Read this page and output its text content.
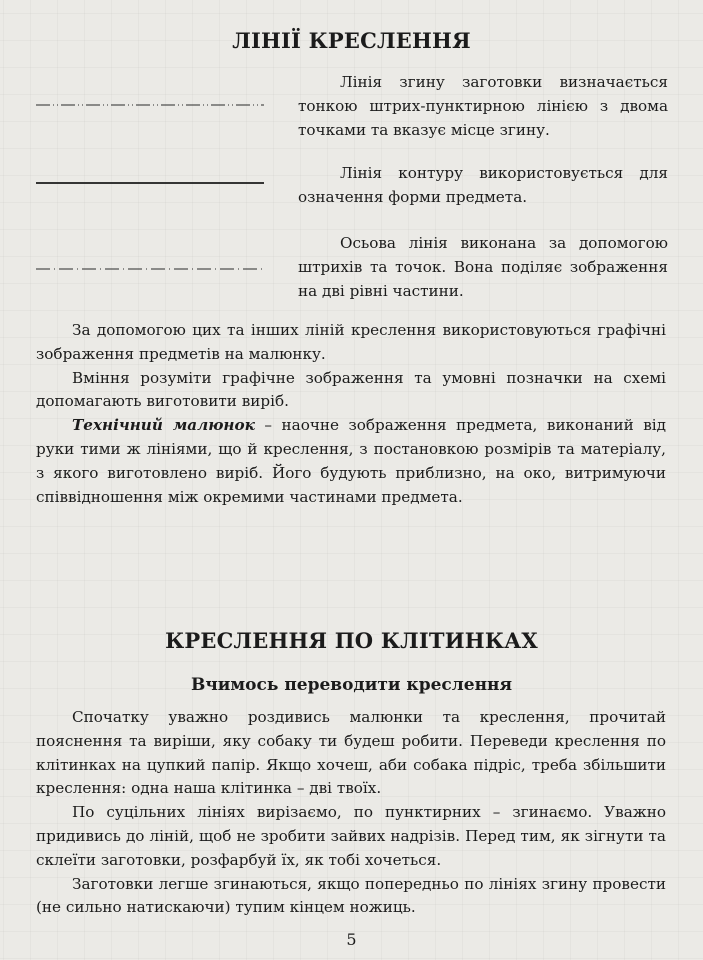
ЛІНІЇ КРЕСЛЕННЯ

Лінія згину заготовки визначається тонкою штрих-пунктирною лінією з двома точками та вказує місце згину.

Лінія контуру використовується для означення форми предмета.

Осьова лінія виконана за допомогою штрихів та точок. Вона поділяє зображення на дві рівні частини.

За допомогою цих та інших ліній креслення використовуються графічні зображення предметів на малюнку.

Вміння розуміти графічне зображення та умовні позначки на схемі допомагають виготовити виріб.

Технічний малюнок – наочне зображення предмета, виконаний від руки тими ж лініями, що й креслення, з постановкою розмірів та матеріалу, з якого виготовлено виріб. Його будують приблизно, на око, витримуючи співвідношення між окремими частинами предмета.

КРЕСЛЕННЯ ПО КЛІТИНКАХ
Вчимось переводити креслення

Спочатку уважно роздивись малюнки та креслення, прочитай пояснення та виріши, яку собаку ти будеш робити. Переведи креслення по клітинках на цупкий папір. Якщо хочеш, аби собака підріс, треба збільшити креслення: одна наша клітинка – дві твоїх.

По суцільних лініях вирізаємо, по пунктирних – згинаємо. Уважно придивись до ліній, щоб не зробити зайвих надрізів. Перед тим, як зігнути та склеїти заготовки, розфарбуй їх, як тобі хочеться.

Заготовки легше згинаються, якщо попередньо по лініях згину провести (не сильно натискаючи) тупим кінцем ножиць.

5
